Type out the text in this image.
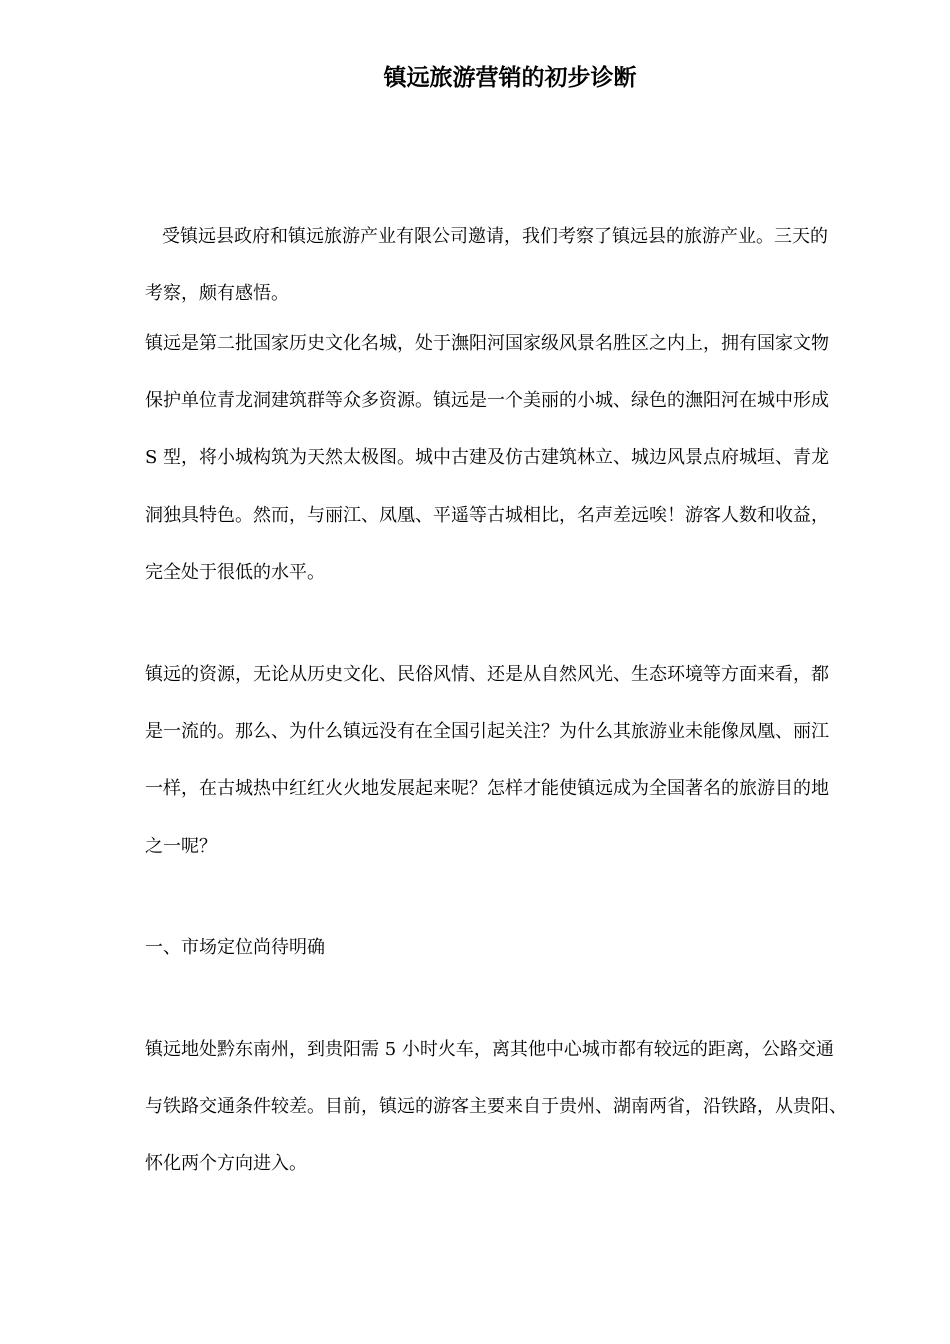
镇远旅游营销的初步诊断
受镇远县政府和镇远旅游产业有限公司邀请，我们考察了镇远县的旅游产业。三天的
考察，颇有感悟。
镇远是第二批国家历史文化名城，处于潕阳河国家级风景名胜区之内上，拥有国家文物
保护单位青龙洞建筑群等众多资源。镇远是一个美丽的小城、绿色的潕阳河在城中形成
S 型，将小城构筑为天然太极图。城中古建及仿古建筑林立、城边风景点府城垣、青龙
洞独具特色。然而，与丽江、凤凰、平遥等古城相比，名声差远唉！游客人数和收益，
完全处于很低的水平。
镇远的资源，无论从历史文化、民俗风情、还是从自然风光、生态环境等方面来看，都
是一流的。那么、为什么镇远没有在全国引起关注？为什么其旅游业未能像凤凰、丽江
一样，在古城热中红红火火地发展起来呢？怎样才能使镇远成为全国著名的旅游目的地
之一呢？
一、市场定位尚待明确
镇远地处黔东南州，到贵阳需 5 小时火车，离其他中心城市都有较远的距离，公路交通
与铁路交通条件较差。目前，镇远的游客主要来自于贵州、湖南两省，沿铁路，从贵阳、
怀化两个方向进入。
